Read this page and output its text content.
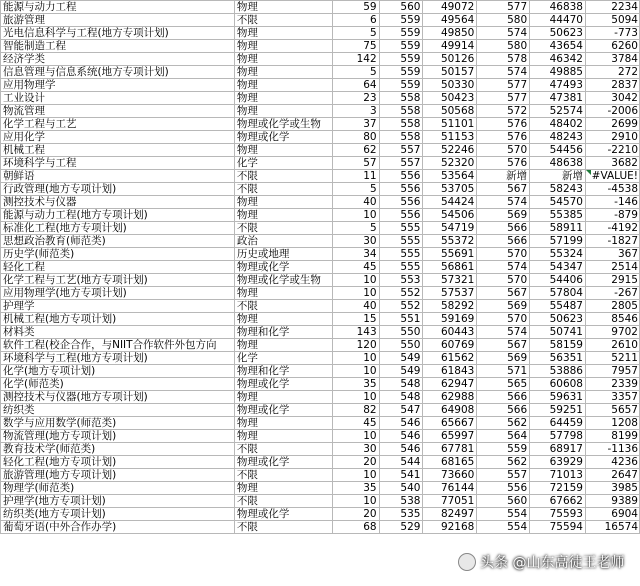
能源与动力工程	物理	59	560	49072	577	46838	2234
旅游管理	不限	6	559	49564	580	44470	5094
光电信息科学与工程(地方专项计划)	物理	5	559	49850	574	50623	-773
智能制造工程	物理	75	559	49914	580	43654	6260
经济学类	物理	142	559	50126	578	46342	3784
信息管理与信息系统(地方专项计划)	物理	5	559	50157	574	49885	272
应用物理学	物理	64	559	50330	577	47493	2837
工业设计	物理	23	558	50423	577	47381	3042
物流管理	物理	3	558	50568	572	52574	-2006
化学工程与工艺	物理或化学或生物	37	558	51101	576	48402	2699
应用化学	物理或化学	80	558	51153	576	48243	2910
机械工程	物理	62	557	52246	570	54456	-2210
环境科学与工程	化学	57	557	52320	576	48638	3682
朝鲜语	不限	11	556	53564	新增	新增	#VALUE!

行政管理(地方专项计划)	不限	5	556	53705	567	58243	-4538
测控技术与仪器	物理	40	556	54424	574	54570	-146
能源与动力工程(地方专项计划)	物理	10	556	54506	569	55385	-879
标准化工程(地方专项计划)	不限	5	555	54719	566	58911	-4192
思想政治教育(师范类)	政治	30	555	55372	566	57199	-1827
历史学(师范类)	历史或地理	34	555	55691	570	55324	367
轻化工程	物理或化学	45	555	56861	574	54347	2514
化学工程与工艺(地方专项计划)	物理或化学或生物	10	553	57321	570	54406	2915
应用物理学(地方专项计划)	物理	10	552	57537	567	57804	-267
护理学	不限	40	552	58292	569	55487	2805
机械工程(地方专项计划)	物理	15	551	59169	570	50623	8546
材料类	物理和化学	143	550	60443	574	50741	9702
软件工程(校企合作，与NIIT合作软件外包方向	物理	120	550	60769	567	58159	2610
环境科学与工程(地方专项计划)	化学	10	549	61562	569	56351	5211
化学(地方专项计划)	物理和化学	10	549	61843	571	53886	7957
化学(师范类)	物理或化学	35	548	62947	565	60608	2339
测控技术与仪器(地方专项计划)	物理	10	548	62988	566	59631	3357
纺织类	物理或化学	82	547	64908	566	59251	5657
数学与应用数学(师范类)	物理	45	546	65667	562	64459	1208
物流管理(地方专项计划)	物理	10	546	65997	564	57798	8199
教育技术学(师范类)	不限	30	546	67781	559	68917	-1136
轻化工程(地方专项计划)	物理或化学	20	544	68165	562	63929	4236
旅游管理(地方专项计划)	不限	10	541	73660	557	71013	2647
物理学(师范类)	物理	35	540	76144	556	72159	3985
护理学(地方专项计划)	不限	10	538	77051	560	67662	9389
纺织类(地方专项计划)	物理或化学	20	535	82497	554	75593	6904
葡萄牙语(中外合作办学)	不限	68	529	92168	554	75594	16574
头条 @山东高徒王老师
